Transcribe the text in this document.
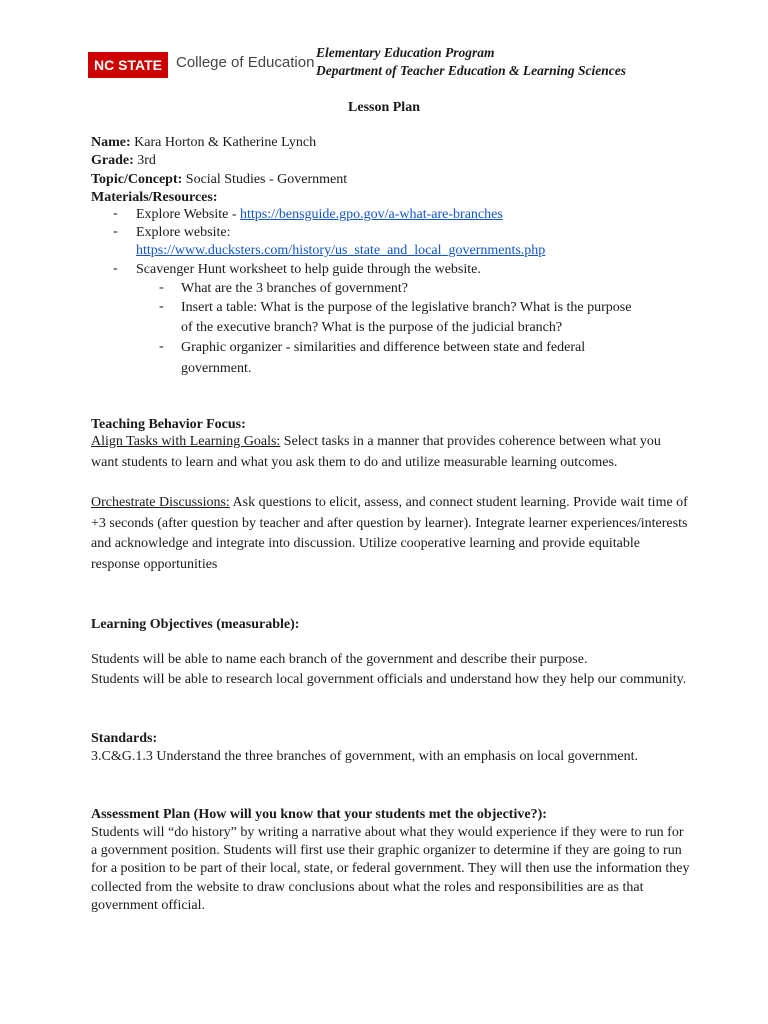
NC STATE College of Education
Elementary Education Program
Department of Teacher Education & Learning Sciences
Lesson Plan
Name: Kara Horton & Katherine Lynch
Grade: 3rd
Topic/Concept: Social Studies - Government
Materials/Resources:
- Explore Website - https://bensguide.gpo.gov/a-what-are-branches
- Explore website:
https://www.ducksters.com/history/us_state_and_local_governments.php
- Scavenger Hunt worksheet to help guide through the website.
- What are the 3 branches of government?
- Insert a table: What is the purpose of the legislative branch? What is the purpose
of the executive branch? What is the purpose of the judicial branch?
- Graphic organizer - similarities and difference between state and federal
government.
Teaching Behavior Focus:
Align Tasks with Learning Goals: Select tasks in a manner that provides coherence between what you want students to learn and what you ask them to do and utilize measurable learning outcomes.
Orchestrate Discussions: Ask questions to elicit, assess, and connect student learning. Provide wait time of +3 seconds (after question by teacher and after question by learner). Integrate learner experiences/interests and acknowledge and integrate into discussion. Utilize cooperative learning and provide equitable response opportunities
Learning Objectives (measurable):
Students will be able to name each branch of the government and describe their purpose.
Students will be able to research local government officials and understand how they help our community.
Standards:
3.C&G.1.3 Understand the three branches of government, with an emphasis on local government.
Assessment Plan (How will you know that your students met the objective?):
Students will “do history” by writing a narrative about what they would experience if they were to run for a government position. Students will first use their graphic organizer to determine if they are going to run for a position to be part of their local, state, or federal government. They will then use the information they collected from the website to draw conclusions about what the roles and responsibilities are as that government official.
